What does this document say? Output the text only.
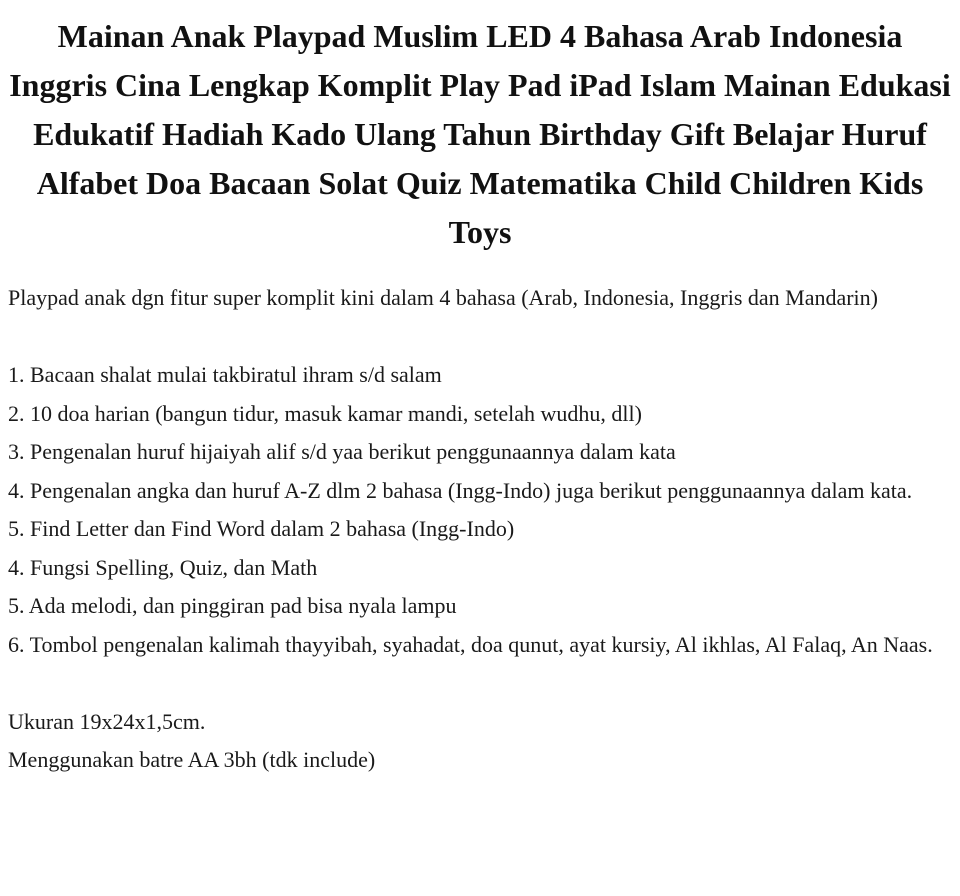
Mainan Anak Playpad Muslim LED 4 Bahasa Arab Indonesia Inggris Cina Lengkap Komplit Play Pad iPad Islam Mainan Edukasi Edukatif Hadiah Kado Ulang Tahun Birthday Gift Belajar Huruf Alfabet Doa Bacaan Solat Quiz Matematika Child Children Kids Toys

Playpad anak dgn fitur super komplit kini dalam 4 bahasa (Arab, Indonesia, Inggris dan Mandarin)

1. Bacaan shalat mulai takbiratul ihram s/d salam

2. 10 doa harian (bangun tidur, masuk kamar mandi, setelah wudhu, dll)

3. Pengenalan huruf hijaiyah alif s/d yaa berikut penggunaannya dalam kata

4. Pengenalan angka dan huruf A-Z dlm 2 bahasa (Ingg-Indo) juga berikut penggunaannya dalam kata.

5. Find Letter dan Find Word dalam 2 bahasa (Ingg-Indo)

4. Fungsi Spelling, Quiz, dan Math

5. Ada melodi, dan pinggiran pad bisa nyala lampu

6. Tombol pengenalan kalimah thayyibah, syahadat, doa qunut, ayat kursiy, Al ikhlas, Al Falaq, An Naas.

Ukuran 19x24x1,5cm.

Menggunakan batre AA 3bh (tdk include)
